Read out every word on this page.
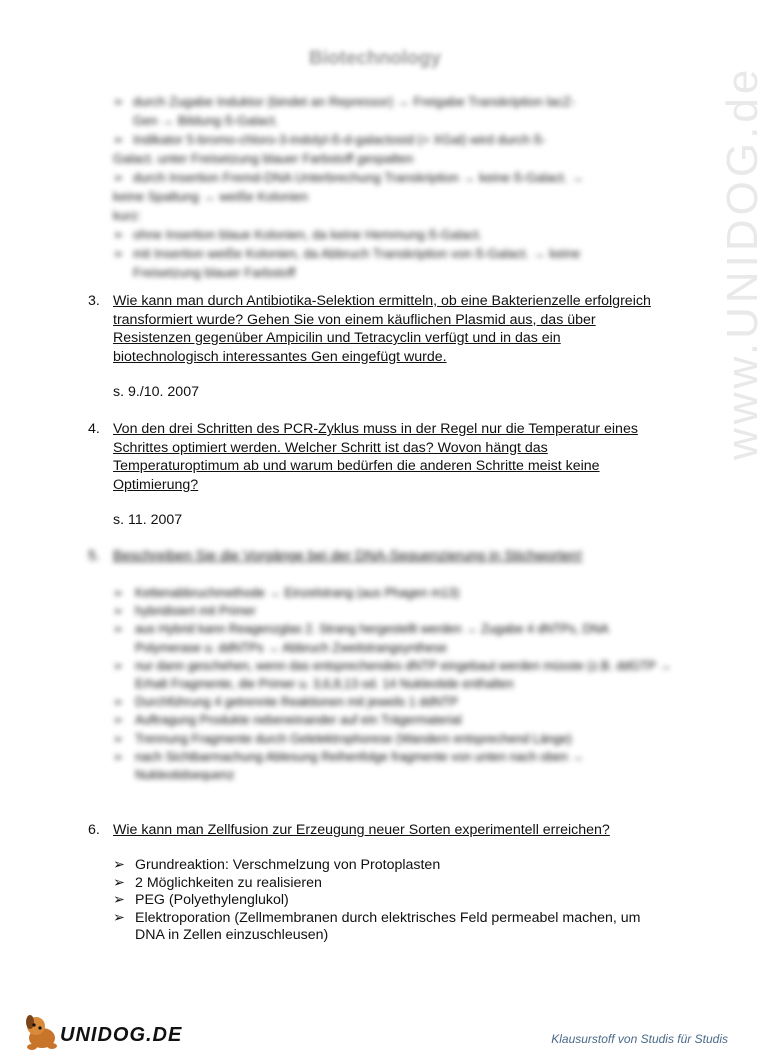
Biotechnology
➢ durch Zugabe Induktor (bindet an Repressor) → Freigabe Transkription lacZ-
Gen → Bildung ß-Galact.
➢ Indikator 5-bromo-chloro-3-indolyl-ß-d-galactosid (= XGal) wird durch ß-
Galact. unter Freisetzung blauer Farbstoff gespalten
➢ durch Insertion Fremd-DNA Unterbrechung Transkription → keine ß-Galact. →
keine Spaltung → weiße Kolonien
kurz:
➢ ohne Insertion blaue Kolonien, da keine Hemmung ß-Galact.
➢ mit Insertion weiße Kolonien, da Abbruch Transkription von ß-Galact. → keine
Freisetzung blauer Farbstoff
3. Wie kann man durch Antibiotika-Selektion ermitteln, ob eine Bakterienzelle erfolgreich transformiert wurde? Gehen Sie von einem käuflichen Plasmid aus, das über Resistenzen gegenüber Ampicilin und Tetracyclin verfügt und in das ein biotechnologisch interessantes Gen eingefügt wurde.
s. 9./10. 2007
4. Von den drei Schritten des PCR-Zyklus muss in der Regel nur die Temperatur eines Schrittes optimiert werden. Welcher Schritt ist das? Wovon hängt das Temperaturoptimum ab und warum bedürfen die anderen Schritte meist keine Optimierung?
s. 11. 2007
5. Beschreiben Sie die Vorgänge bei der DNA-Sequenzierung in Stichworten!
➢ Kettenabbruchmethode → Einzelstrang (aus Phagen m13)
➢ hybridisiert mit Primer
➢ aus Hybrid kann Reagenzglas 2. Strang hergestellt werden → Zugabe 4 dNTPs, DNA Polymerase u. ddNTPs → Abbruch Zweitstrangsynthese
➢ nur dann geschehen, wenn das entsprechendes dNTP eingebaut werden müsste (z.B. ddGTP → Erhalt Fragmente, die Primer u. 3,6,8,13 od. 14 Nukleotide enthalten
➢ Durchführung 4 getrennte Reaktionen mit jeweils 1 ddNTP
➢ Auftragung Produkte nebeneinander auf ein Trägermaterial
➢ Trennung Fragmente durch Gelelektrophorese (Wandern entsprechend Länge)
➢ nach Sichtbarmachung Ablesung Reihenfolge fragmente von unten nach oben → Nukleotidsequenz
6. Wie kann man Zellfusion zur Erzeugung neuer Sorten experimentell erreichen?
➢ Grundreaktion: Verschmelzung von Protoplasten
➢ 2 Möglichkeiten zu realisieren
➢ PEG (Polyethylenglukol)
➢ Elektroporation (Zellmembranen durch elektrisches Feld permeabel machen, um DNA in Zellen einzuschleusen)
www.UNIDOG.de
UNIDOG.DE	Klausurstoff von Studis für Studis
